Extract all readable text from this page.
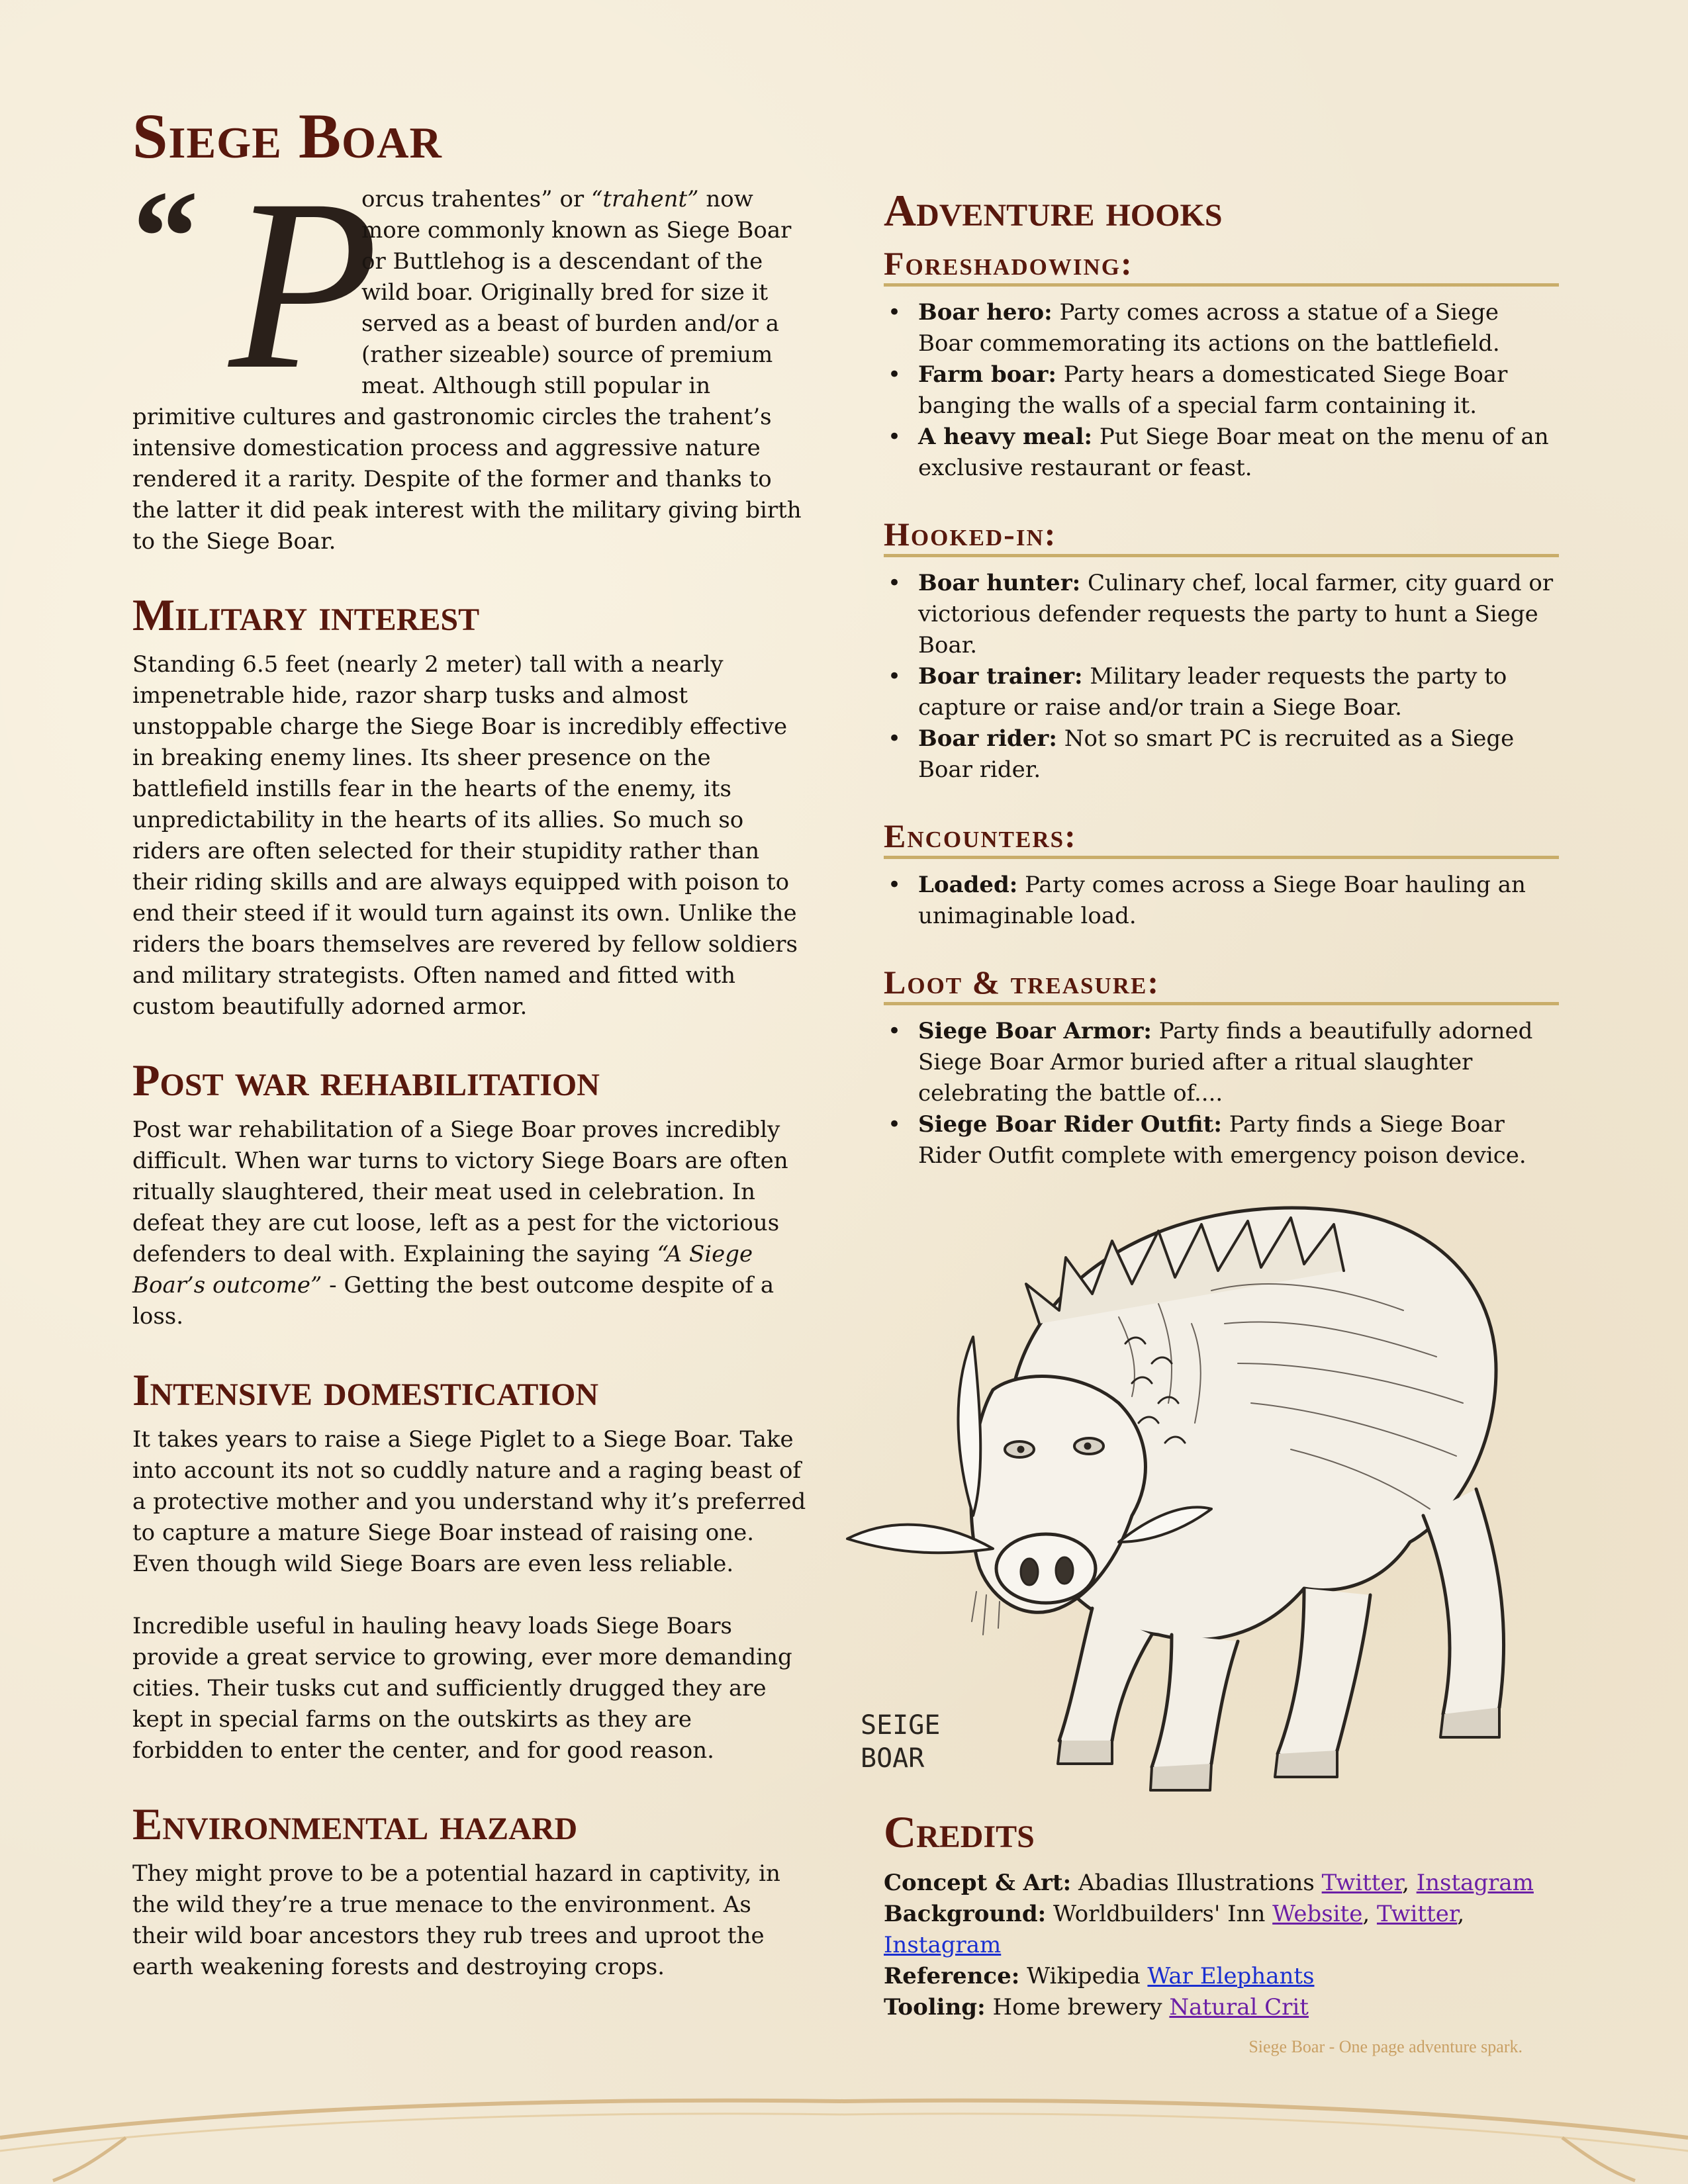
Siege Boar
“ P

orcus trahentes” or “trahent” now more commonly known as Siege Boar or Buttlehog is a descendant of the wild boar. Originally bred for size it served as a beast of burden and/or a (rather sizeable) source of premium meat. Although still popular in primitive cultures and gastronomic circles the trahent’s intensive domestication process and aggressive nature rendered it a rarity. Despite of the former and thanks to the latter it did peak interest with the military giving birth to the Siege Boar.

Military interest

Standing 6.5 feet (nearly 2 meter) tall with a nearly impenetrable hide, razor sharp tusks and almost unstoppable charge the Siege Boar is incredibly effective in breaking enemy lines. Its sheer presence on the battlefield instills fear in the hearts of the enemy, its unpredictability in the hearts of its allies. So much so riders are often selected for their stupidity rather than their riding skills and are always equipped with poison to end their steed if it would turn against its own. Unlike the riders the boars themselves are revered by fellow soldiers and military strategists. Often named and fitted with custom beautifully adorned armor.

Post war rehabilitation

Post war rehabilitation of a Siege Boar proves incredibly difficult. When war turns to victory Siege Boars are often ritually slaughtered, their meat used in celebration. In defeat they are cut loose, left as a pest for the victorious defenders to deal with. Explaining the saying “A Siege Boar’s outcome” - Getting the best outcome despite of a loss.

Intensive domestication

It takes years to raise a Siege Piglet to a Siege Boar. Take into account its not so cuddly nature and a raging beast of a protective mother and you understand why it’s preferred to capture a mature Siege Boar instead of raising one. Even though wild Siege Boars are even less reliable.

Incredible useful in hauling heavy loads Siege Boars provide a great service to growing, ever more demanding cities. Their tusks cut and sufficiently drugged they are kept in special farms on the outskirts as they are forbidden to enter the center, and for good reason.

Environmental hazard

They might prove to be a potential hazard in captivity, in the wild they’re a true menace to the environment. As their wild boar ancestors they rub trees and uproot the earth weakening forests and destroying crops.

Adventure hooks
Foreshadowing:
• Boar hero: Party comes across a statue of a Siege Boar commemorating its actions on the battlefield.
• Farm boar: Party hears a domesticated Siege Boar banging the walls of a special farm containing it.
• A heavy meal: Put Siege Boar meat on the menu of an exclusive restaurant or feast.
Hooked-in:
• Boar hunter: Culinary chef, local farmer, city guard or victorious defender requests the party to hunt a Siege Boar.
• Boar trainer: Military leader requests the party to capture or raise and/or train a Siege Boar.
• Boar rider: Not so smart PC is recruited as a Siege Boar rider.
Encounters:
• Loaded: Party comes across a Siege Boar hauling an unimaginable load.
Loot & treasure:
• Siege Boar Armor: Party finds a beautifully adorned Siege Boar Armor buried after a ritual slaughter celebrating the battle of....
• Siege Boar Rider Outfit: Party finds a Siege Boar Rider Outfit complete with emergency poison device.
SEIGE
BOAR
Credits
Concept & Art: Abadias Illustrations Twitter, Instagram
Background: Worldbuilders' Inn Website, Twitter, Instagram
Reference: Wikipedia War Elephants
Tooling: Home brewery Natural Crit
Siege Boar - One page adventure spark.
